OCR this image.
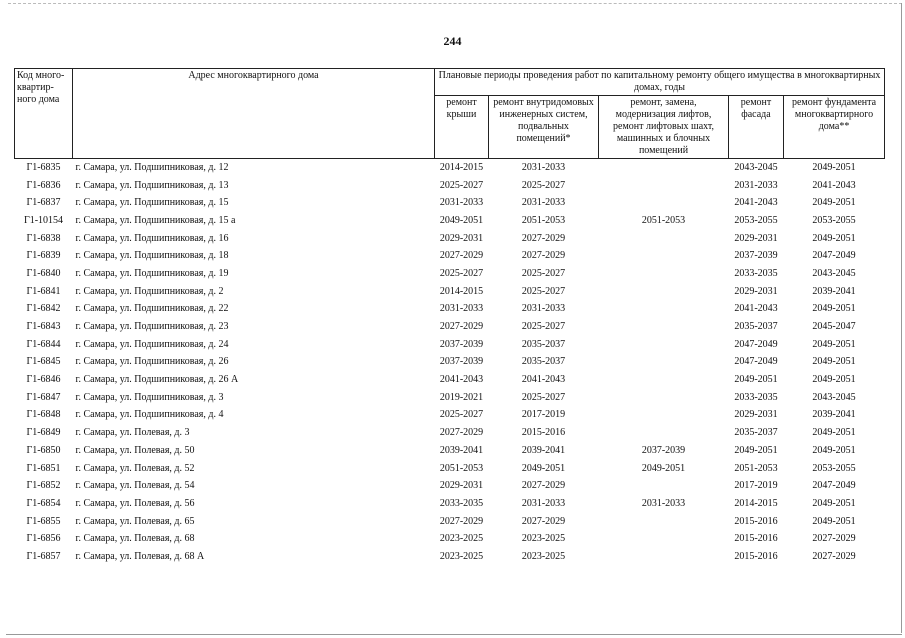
244
Код много-квартир-ного дома	Адрес многоквартирного дома	Плановые периоды проведения работ по капитальному ремонту общего имущества в многоквартирных домах, годы				
		ремонт крыши	ремонт внутридомовых инженерных систем, подвальных помещений*	ремонт, замена, модернизация лифтов, ремонт лифтовых шахт, машинных и блочных помещений	ремонт фасада	ремонт фундамента многоквартирного дома**
Г1-6835	г. Самара, ул. Подшипниковая, д. 12	2014-2015	2031-2033		2043-2045	2049-2051
Г1-6836	г. Самара, ул. Подшипниковая, д. 13	2025-2027	2025-2027		2031-2033	2041-2043
Г1-6837	г. Самара, ул. Подшипниковая, д. 15	2031-2033	2031-2033		2041-2043	2049-2051
Г1-10154	г. Самара, ул. Подшипниковая, д. 15 а	2049-2051	2051-2053	2051-2053	2053-2055	2053-2055
Г1-6838	г. Самара, ул. Подшипниковая, д. 16	2029-2031	2027-2029		2029-2031	2049-2051
Г1-6839	г. Самара, ул. Подшипниковая, д. 18	2027-2029	2027-2029		2037-2039	2047-2049
Г1-6840	г. Самара, ул. Подшипниковая, д. 19	2025-2027	2025-2027		2033-2035	2043-2045
Г1-6841	г. Самара, ул. Подшипниковая, д. 2	2014-2015	2025-2027		2029-2031	2039-2041
Г1-6842	г. Самара, ул. Подшипниковая, д. 22	2031-2033	2031-2033		2041-2043	2049-2051
Г1-6843	г. Самара, ул. Подшипниковая, д. 23	2027-2029	2025-2027		2035-2037	2045-2047
Г1-6844	г. Самара, ул. Подшипниковая, д. 24	2037-2039	2035-2037		2047-2049	2049-2051
Г1-6845	г. Самара, ул. Подшипниковая, д. 26	2037-2039	2035-2037		2047-2049	2049-2051
Г1-6846	г. Самара, ул. Подшипниковая, д. 26 А	2041-2043	2041-2043		2049-2051	2049-2051
Г1-6847	г. Самара, ул. Подшипниковая, д. 3	2019-2021	2025-2027		2033-2035	2043-2045
Г1-6848	г. Самара, ул. Подшипниковая, д. 4	2025-2027	2017-2019		2029-2031	2039-2041
Г1-6849	г. Самара, ул. Полевая, д. 3	2027-2029	2015-2016		2035-2037	2049-2051
Г1-6850	г. Самара, ул. Полевая, д. 50	2039-2041	2039-2041	2037-2039	2049-2051	2049-2051
Г1-6851	г. Самара, ул. Полевая, д. 52	2051-2053	2049-2051	2049-2051	2051-2053	2053-2055
Г1-6852	г. Самара, ул. Полевая, д. 54	2029-2031	2027-2029		2017-2019	2047-2049
Г1-6854	г. Самара, ул. Полевая, д. 56	2033-2035	2031-2033	2031-2033	2014-2015	2049-2051
Г1-6855	г. Самара, ул. Полевая, д. 65	2027-2029	2027-2029		2015-2016	2049-2051
Г1-6856	г. Самара, ул. Полевая, д. 68	2023-2025	2023-2025		2015-2016	2027-2029
Г1-6857	г. Самара, ул. Полевая, д. 68 А	2023-2025	2023-2025		2015-2016	2027-2029
